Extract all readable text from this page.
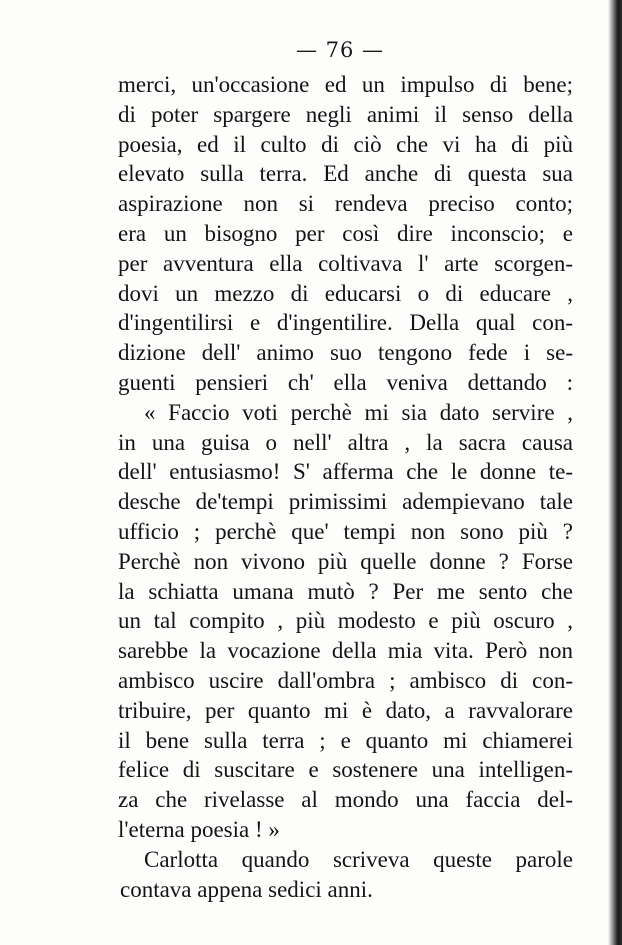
— 76 —
merci, un'occasione ed un impulso di bene;
di poter spargere negli animi il senso della
poesia, ed il culto di ciò che vi ha di più
elevato sulla terra. Ed anche di questa sua
aspirazione non si rendeva preciso conto;
era un bisogno per così dire inconscio; e
per avventura ella coltivava l' arte scorgen-
dovi un mezzo di educarsi o di educare ,
d'ingentilirsi e d'ingentilire. Della qual con-
dizione dell' animo suo tengono fede i se-
guenti pensieri ch' ella veniva dettando :
« Faccio voti perchè mi sia dato servire ,
in una guisa o nell' altra , la sacra causa
dell' entusiasmo! S' afferma che le donne te-
desche de'tempi primissimi adempievano tale
ufficio ; perchè que' tempi non sono più ?
Perchè non vivono più quelle donne ? Forse
la schiatta umana mutò ? Per me sento che
un tal compito , più modesto e più oscuro ,
sarebbe la vocazione della mia vita. Però non
ambisco uscire dall'ombra ; ambisco di con-
tribuire, per quanto mi è dato, a ravvalorare
il bene sulla terra ; e quanto mi chiamerei
felice di suscitare e sostenere una intelligen-
za che rivelasse al mondo una faccia del-
l'eterna poesia ! »
Carlotta quando scriveva queste parole
contava appena sedici anni.
